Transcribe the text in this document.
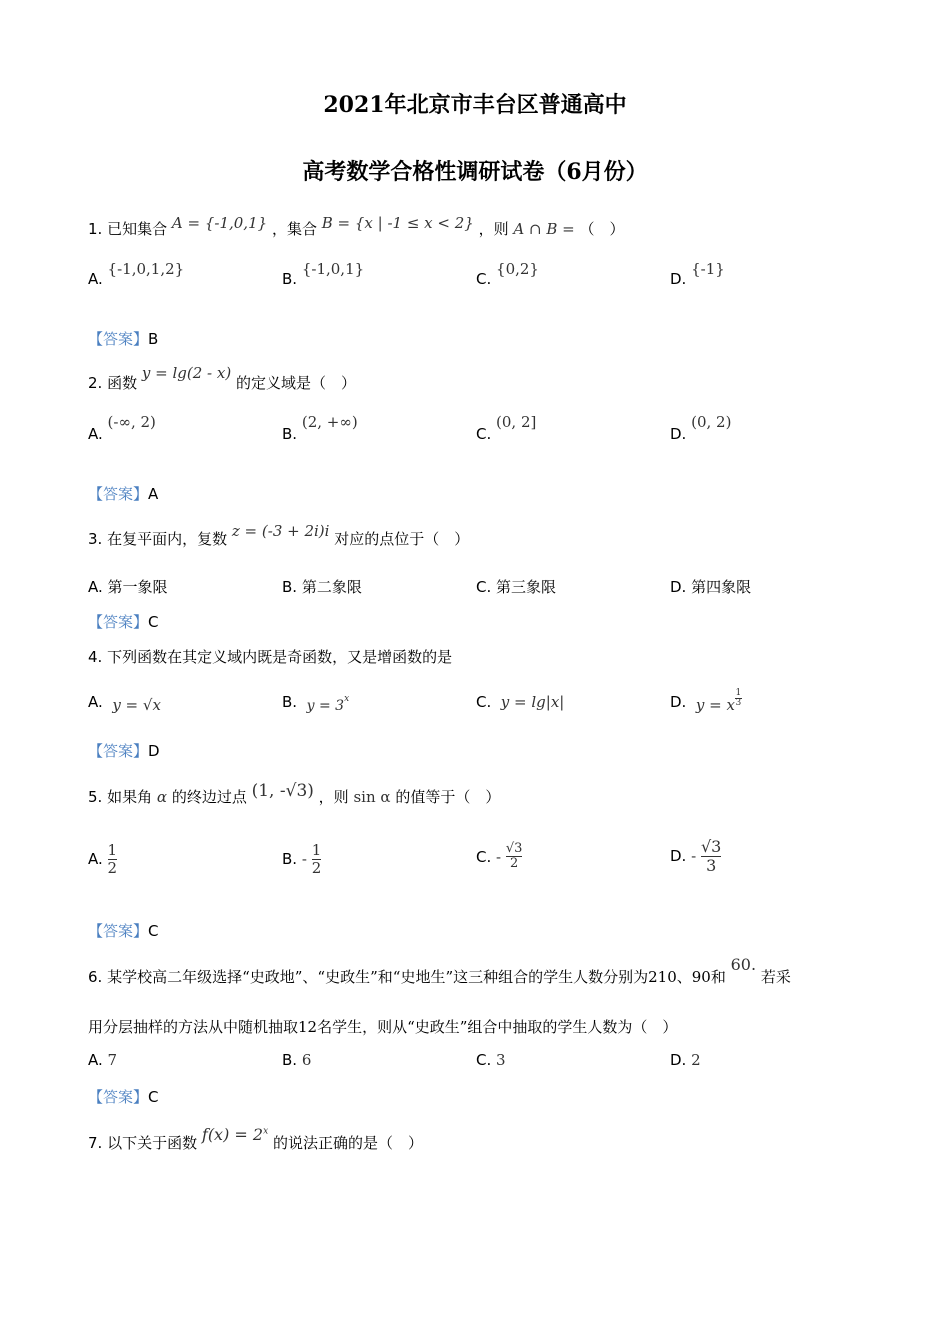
2021年北京市丰台区普通高中
高考数学合格性调研试卷（6月份）
1. 已知集合 A = {-1,0,1} ，集合 B = {x | -1 ≤ x < 2} ，则 A ∩ B = （　）
A. {-1,0,1,2}
B. {-1,0,1}
C. {0,2}
D. {-1}
【答案】B
2. 函数 y = lg(2 - x) 的定义域是（　）
A. (-∞, 2)
B. (2, +∞)
C. (0, 2]
D. (0, 2)
【答案】A
3. 在复平面内，复数 z = (-3 + 2i)i 对应的点位于（　）
A. 第一象限	B. 第二象限	C. 第三象限	D. 第四象限
【答案】C
4. 下列函数在其定义域内既是奇函数，又是增函数的是
A. y = √x	B. $y = 3^x$	C. y = lg|x|	D. y = x $\frac{1}{3}$
【答案】D
5. 如果角 α 的终边过点 (1, -√3) ，则 sin α 的值等于（　）
A. $\frac{1}{2}$	B. - $\frac{1}{2}$	C. - $\frac{√3}{2}$	D. - $\frac{√3}{3}$
【答案】C
6. 某学校高二年级选择“史政地”、“史政生”和“史地生”这三种组合的学生人数分别为210、90和 60. 若采
用分层抽样的方法从中随机抽取12名学生，则从“史政生”组合中抽取的学生人数为（　）
A. 7	B. 6	C. 3	D. 2
【答案】C
7. 以下关于函数 $f(x) = 2^x$ 的说法正确的是（　）
